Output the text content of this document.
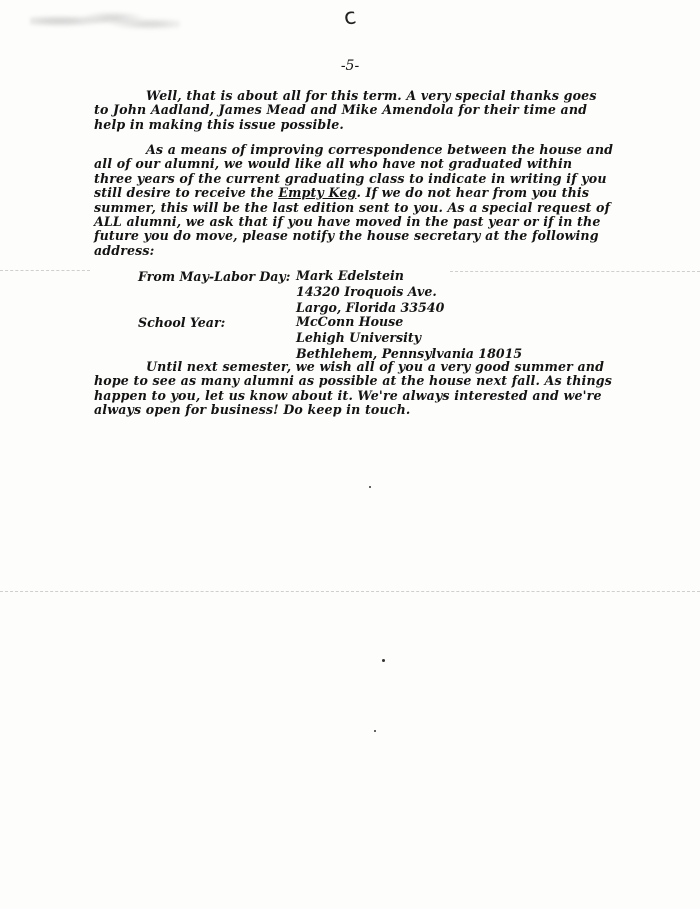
c
-5-

Well, that is about all for this term. A very special thanks goes to John Aadland, James Mead and Mike Amendola for their time and help in making this issue possible.

As a means of improving correspondence between the house and all of our alumni, we would like all who have not graduated within three years of the current graduating class to indicate in writing if you still desire to receive the Empty Keg. If we do not hear from you this summer, this will be the last edition sent to you. As a special request of ALL alumni, we ask that if you have moved in the past year or if in the future you do move, please notify the house secretary at the following address:

From May-Labor Day: Mark Edelstein
14320 Iroquois Ave.
Largo, Florida 33540
School Year:	McConn House
Lehigh University
Bethlehem, Pennsylvania 18015

Until next semester, we wish all of you a very good summer and hope to see as many alumni as possible at the house next fall. As things happen to you, let us know about it. We're always interested and we're always open for business! Do keep in touch.
